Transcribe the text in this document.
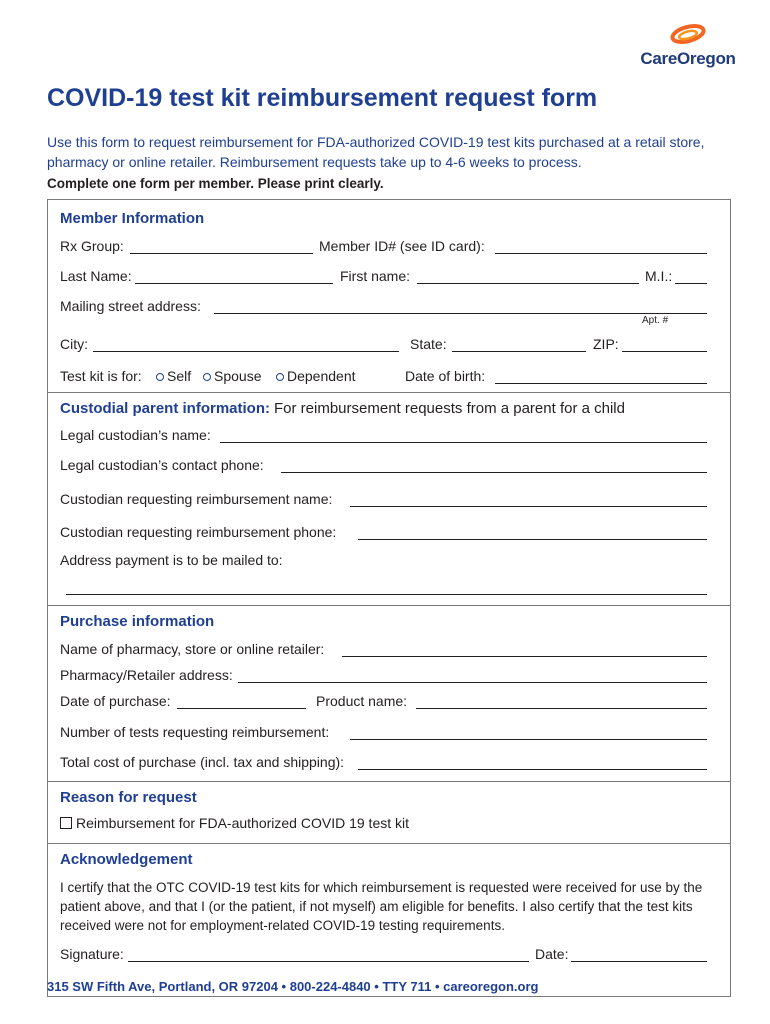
CareOregon
COVID-19 test kit reimbursement request form

Use this form to request reimbursement for FDA-authorized COVID-19 test kits purchased at a retail store, pharmacy or online retailer. Reimbursement requests take up to 4-6 weeks to process.

Complete one form per member. Please print clearly.

Member Information
Rx Group:	Member ID# (see ID card):
Last Name:	First name:	M.I.:
Mailing street address:
Apt. #
City:	State:	ZIP:
Test kit is for:	Self	Spouse	Dependent	Date of birth:
Custodial parent information: For reimbursement requests from a parent for a child
Legal custodian’s name:
Legal custodian’s contact phone:
Custodian requesting reimbursement name:
Custodian requesting reimbursement phone:
Address payment is to be mailed to:
Purchase information
Name of pharmacy, store or online retailer:
Pharmacy/Retailer address:
Date of purchase:	Product name:
Number of tests requesting reimbursement:
Total cost of purchase (incl. tax and shipping):
Reason for request
Reimbursement for FDA-authorized COVID 19 test kit
Acknowledgement

I certify that the OTC COVID-19 test kits for which reimbursement is requested were received for use by the patient above, and that I (or the patient, if not myself) am eligible for benefits. I also certify that the test kits received were not for employment-related COVID-19 testing requirements.

Signature:	Date:
315 SW Fifth Ave, Portland, OR 97204 • 800-224-4840 • TTY 711 • careoregon.org
